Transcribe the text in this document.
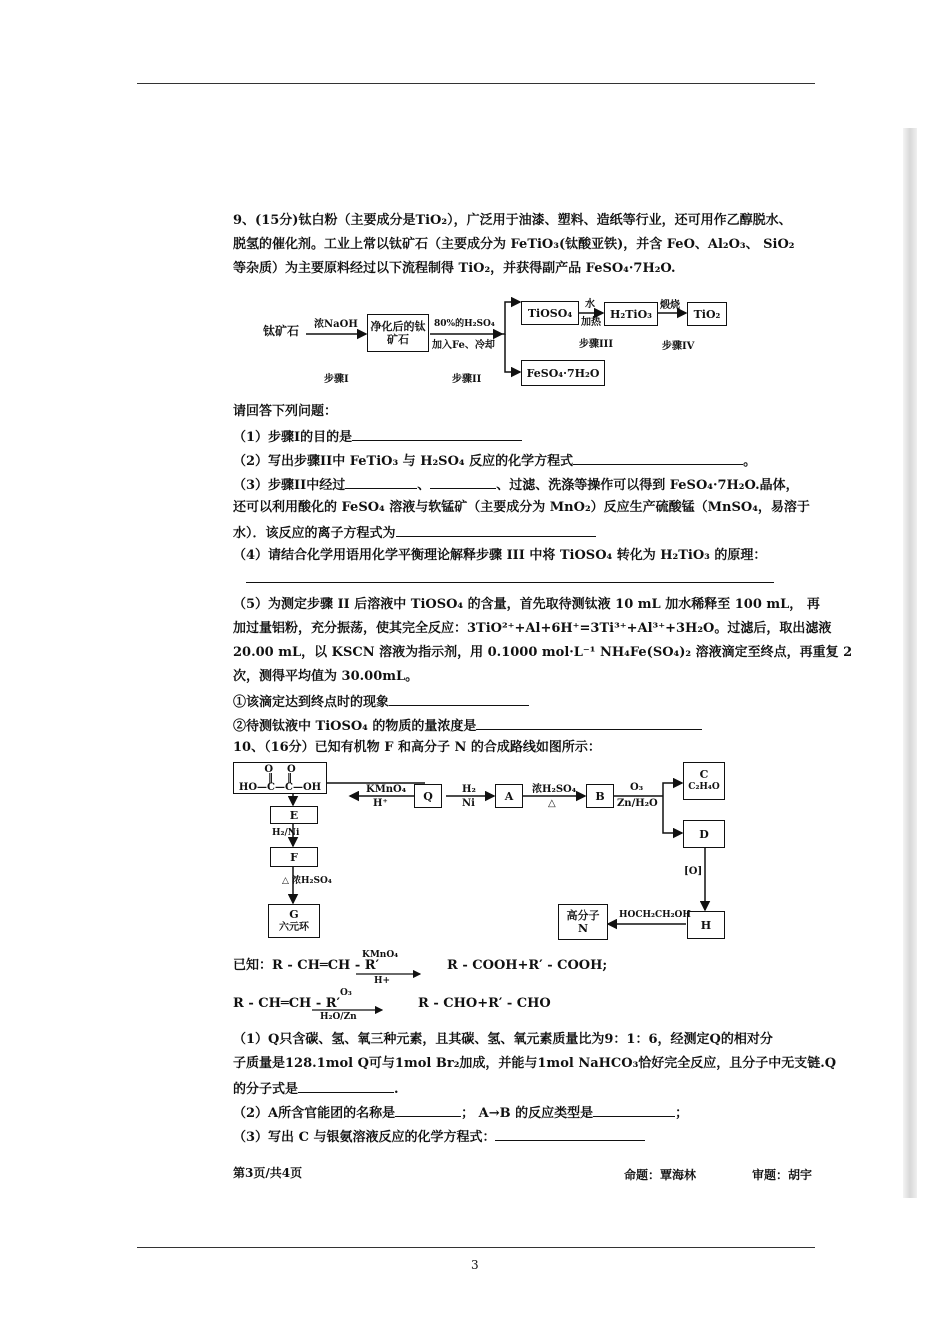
9、(15分)钛白粉（主要成分是TiO₂），广泛用于油漆、塑料、造纸等行业，还可用作乙醇脱水、
脱氢的催化剂。工业上常以钛矿石（主要成分为 FeTiO₃(钛酸亚铁)，并含 FeO、Al₂O₃、 SiO₂
等杂质）为主要原料经过以下流程制得 TiO₂，并获得副产品 FeSO₄·7H₂O.
钛矿石 浓NaOH 净化后的钛矿石
80%的H₂SO₄
加入Fe、冷却
TiOSO₄
水
加热
H₂TiO₃
煅烧
TiO₂
FeSO₄·7H₂O
步骤I	步骤II
步骤III	步骤IV
请回答下列问题：
（1）步骤I的目的是
（2）写出步骤II中 FeTiO₃ 与 H₂SO₄ 反应的化学方程式	。
（3）步骤II中经过	、	、过滤、洗涤等操作可以得到 FeSO₄·7H₂O.晶体，
还可以利用酸化的 FeSO₄ 溶液与软锰矿（主要成分为 MnO₂）反应生产硫酸锰（MnSO₄，易溶于
水）．该反应的离子方程式为
（4）请结合化学用语用化学平衡理论解释步骤 III 中将 TiOSO₄ 转化为 H₂TiO₃ 的原理：
（5）为测定步骤 II 后溶液中 TiOSO₄ 的含量，首先取待测钛液 10 mL 加水稀释至 100 mL， 再
加过量铝粉，充分振荡，使其完全反应：3TiO²⁺+Al+6H⁺=3Ti³⁺+Al³⁺+3H₂O。过滤后，取出滤液
20.00 mL，以 KSCN 溶液为指示剂，用 0.1000 mol·L⁻¹ NH₄Fe(SO₄)₂ 溶液滴定至终点，再重复 2
次，测得平均值为 30.00mL。
①该滴定达到终点时的现象
②待测钛液中 TiOSO₄ 的物质的量浓度是
10、（16分）已知有机物 F 和高分子 N 的合成路线如图所示：
O    O
‖    ‖
HO—C—C—OH	KMnO₄
H⁺
Q	H₂
Ni
A 浓H₂SO₄
△
B
O₃
Zn/H₂O
C
C₂H₄O
D
[O]
H
HOCH₂CH₂OH
高分子
N
E
H₂/Ni
F
△ 浓H₂SO₄
G
六元环
已知：R - CH═CH - R′	R - COOH+R′ - COOH;
KMnO₄
H+
R - CH═CH - R′	R - CHO+R′ - CHO
O₃
H₂O/Zn
（1）Q只含碳、氢、氧三种元素，且其碳、氢、氧元素质量比为9：1：6，经测定Q的相对分
子质量是128.1mol Q可与1mol Br₂加成，并能与1mol NaHCO₃恰好完全反应，且分子中无支链.Q
的分子式是	.
（2）A所含官能团的名称是	； A→B 的反应类型是	；
（3）写出 C 与银氨溶液反应的化学方程式：
第3页/共4页	命题：覃海林	审题：胡宇
3
